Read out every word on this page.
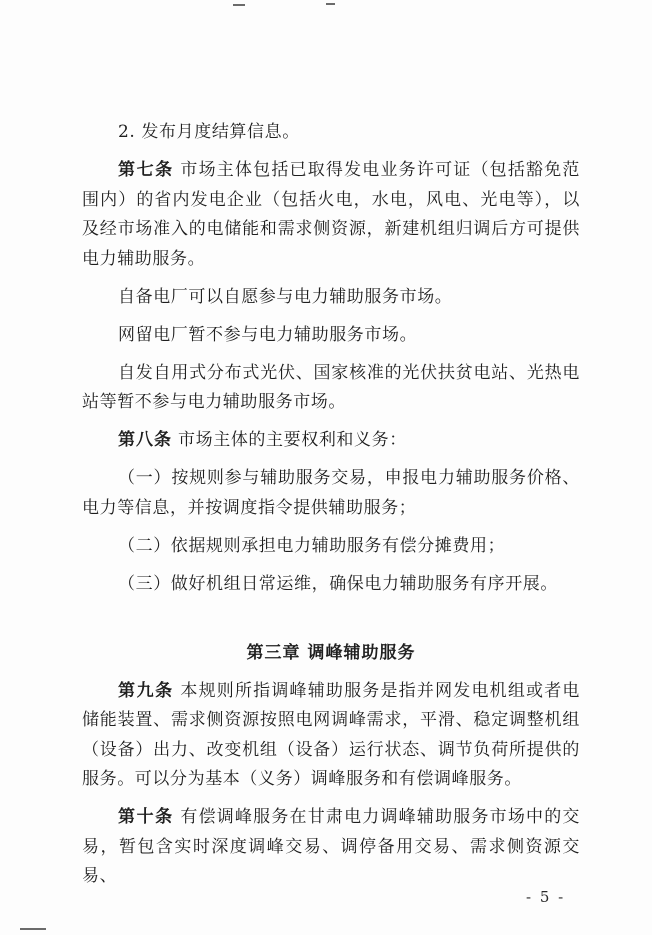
2. 发布月度结算信息。

第七条 市场主体包括已取得发电业务许可证（包括豁免范围内）的省内发电企业（包括火电，水电，风电、光电等），以及经市场准入的电储能和需求侧资源，新建机组归调后方可提供电力辅助服务。

自备电厂可以自愿参与电力辅助服务市场。

网留电厂暂不参与电力辅助服务市场。

自发自用式分布式光伏、国家核准的光伏扶贫电站、光热电站等暂不参与电力辅助服务市场。

第八条 市场主体的主要权利和义务：

（一）按规则参与辅助服务交易，申报电力辅助服务价格、电力等信息，并按调度指令提供辅助服务；

（二）依据规则承担电力辅助服务有偿分摊费用；

（三）做好机组日常运维，确保电力辅助服务有序开展。

第三章 调峰辅助服务

第九条 本规则所指调峰辅助服务是指并网发电机组或者电储能装置、需求侧资源按照电网调峰需求，平滑、稳定调整机组（设备）出力、改变机组（设备）运行状态、调节负荷所提供的服务。可以分为基本（义务）调峰服务和有偿调峰服务。

第十条 有偿调峰服务在甘肃电力调峰辅助服务市场中的交易，暂包含实时深度调峰交易、调停备用交易、需求侧资源交易、

- 5 -
